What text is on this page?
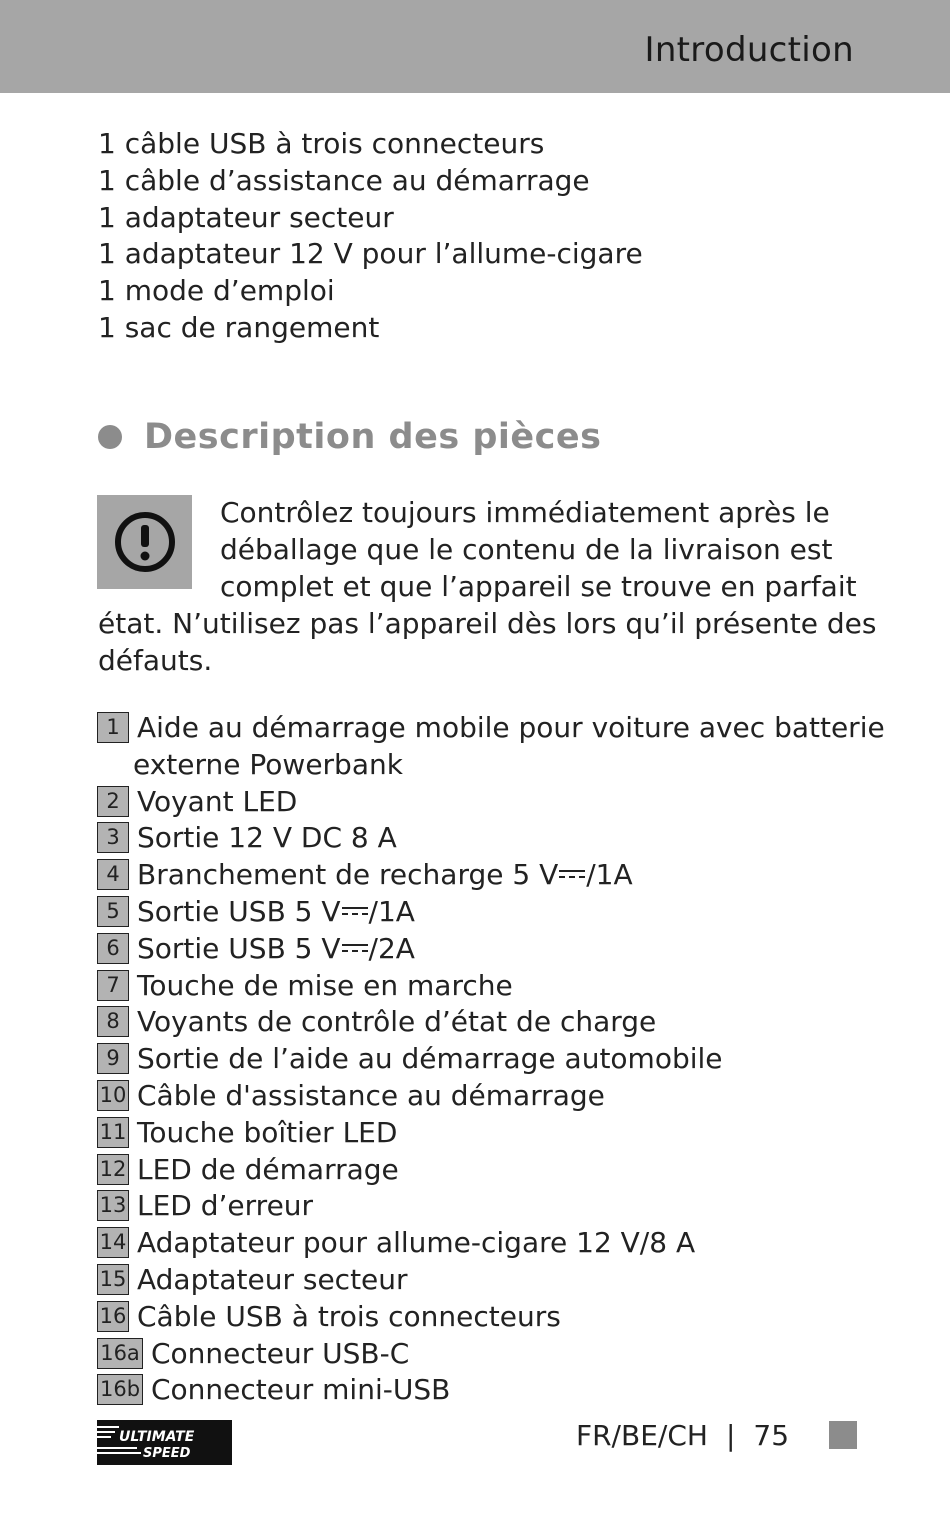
Introduction
1 câble USB à trois connecteurs
1 câble d’assistance au démarrage
1 adaptateur secteur
1 adaptateur 12 V pour l’allume-cigare
1 mode d’emploi
1 sac de rangement
Description des pièces
Contrôlez toujours immédiatement après le
déballage que le contenu de la livraison est
complet et que l’appareil se trouve en parfait
état. N’utilisez pas l’appareil dès lors qu’il présente des
défauts.
1 Aide au démarrage mobile pour voiture avec batterie
externe Powerbank
2 Voyant LED
3 Sortie 12 V DC 8 A
4 Branchement de recharge 5 V /1A
5 Sortie USB 5 V /1A
6 Sortie USB 5 V /2A
7 Touche de mise en marche
8 Voyants de contrôle d’état de charge
9 Sortie de l’aide au démarrage automobile
10 Câble d'assistance au démarrage
11 Touche boîtier LED
12 LED de démarrage
13 LED d’erreur
14 Adaptateur pour allume-cigare 12 V/8 A
15 Adaptateur secteur
16 Câble USB à trois connecteurs
16a Connecteur USB-C
16b Connecteur mini-USB
ULTIMATE
SPEED
FR/BE/CH | 75
